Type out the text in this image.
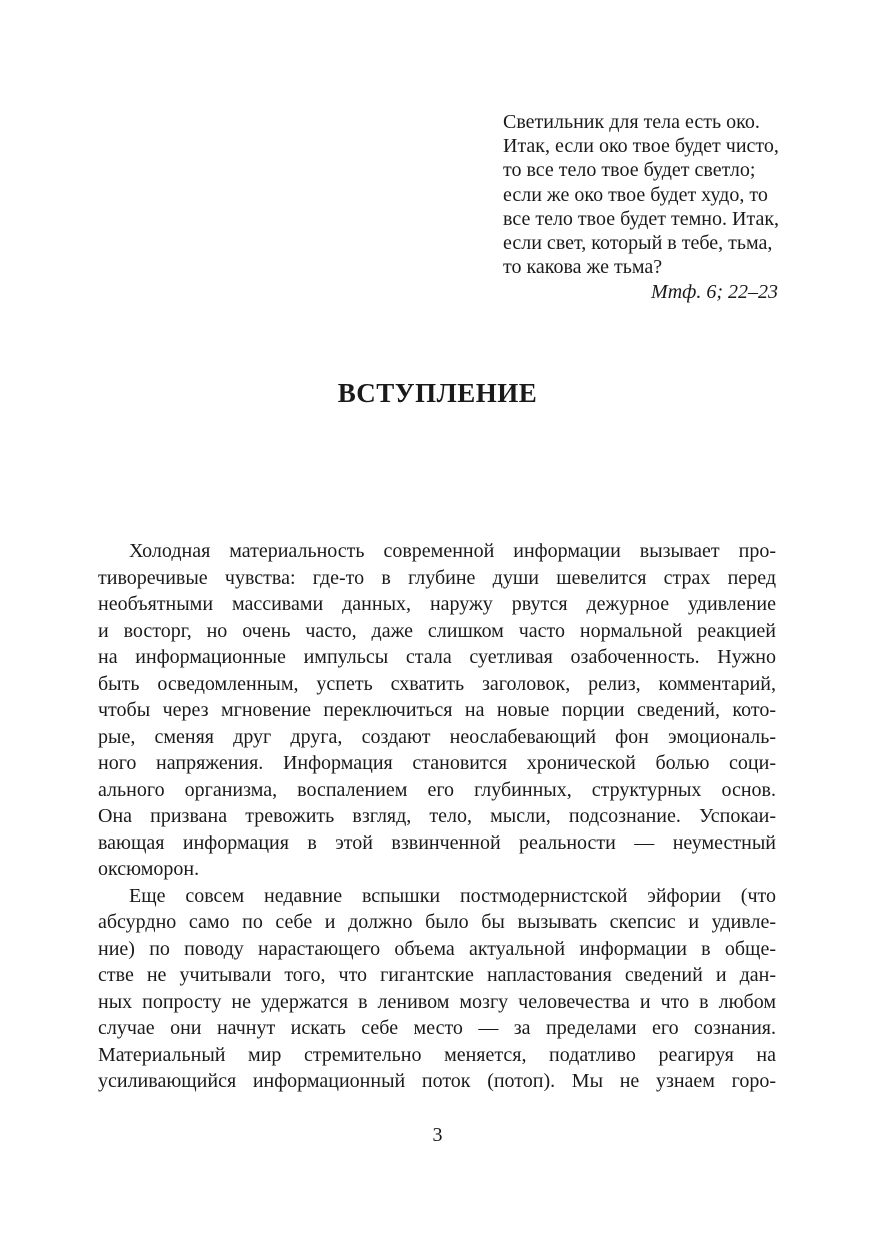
Светильник для тела есть око.
Итак, если око твое будет чисто,
то все тело твое будет светло;
если же око твое будет худо, то
все тело твое будет темно. Итак,
если свет, который в тебе, тьма,
то какова же тьма?
Мтф. 6; 22–23
ВСТУПЛЕНИЕ
Холодная материальность современной информации вызывает про-
тиворечивые чувства: где-то в глубине души шевелится страх перед
необъятными массивами данных, наружу рвутся дежурное удивление
и восторг, но очень часто, даже слишком часто нормальной реакцией
на информационные импульсы стала суетливая озабоченность. Нужно
быть осведомленным, успеть схватить заголовок, релиз, комментарий,
чтобы через мгновение переключиться на новые порции сведений, кото-
рые, сменяя друг друга, создают неослабевающий фон эмоциональ-
ного напряжения. Информация становится хронической болью соци-
ального организма, воспалением его глубинных, структурных основ.
Она призвана тревожить взгляд, тело, мысли, подсознание. Успокаи-
вающая информация в этой взвинченной реальности — неуместный
оксюморон.
Еще совсем недавние вспышки постмодернистской эйфории (что
абсурдно само по себе и должно было бы вызывать скепсис и удивле-
ние) по поводу нарастающего объема актуальной информации в обще-
стве не учитывали того, что гигантские напластования сведений и дан-
ных попросту не удержатся в ленивом мозгу человечества и что в любом
случае они начнут искать себе место — за пределами его сознания.
Материальный мир стремительно меняется, податливо реагируя на
усиливающийся информационный поток (потоп). Мы не узнаем горо-
3
